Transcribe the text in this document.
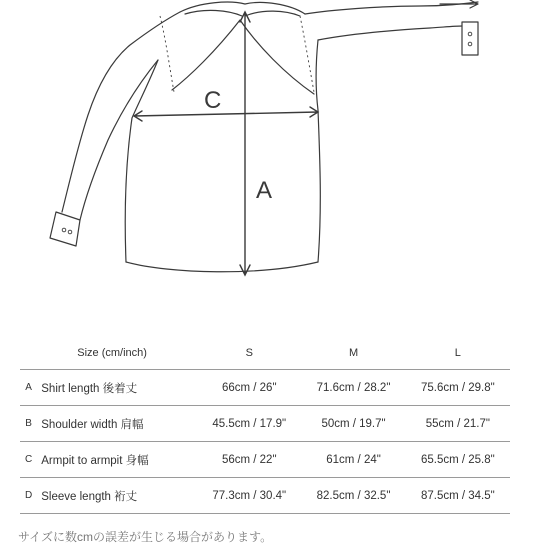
C
A
	Size (cm/inch)	S	M	L
A	Shirt length 後着丈	66cm / 26"	71.6cm / 28.2"	75.6cm / 29.8"
B	Shoulder width 肩幅	45.5cm / 17.9"	50cm / 19.7"	55cm / 21.7"
C	Armpit to armpit 身幅	56cm / 22"	61cm / 24"	65.5cm / 25.8"
D	Sleeve length 裄丈	77.3cm / 30.4"	82.5cm / 32.5"	87.5cm / 34.5"
サイズに数cmの誤差が生じる場合があります。
